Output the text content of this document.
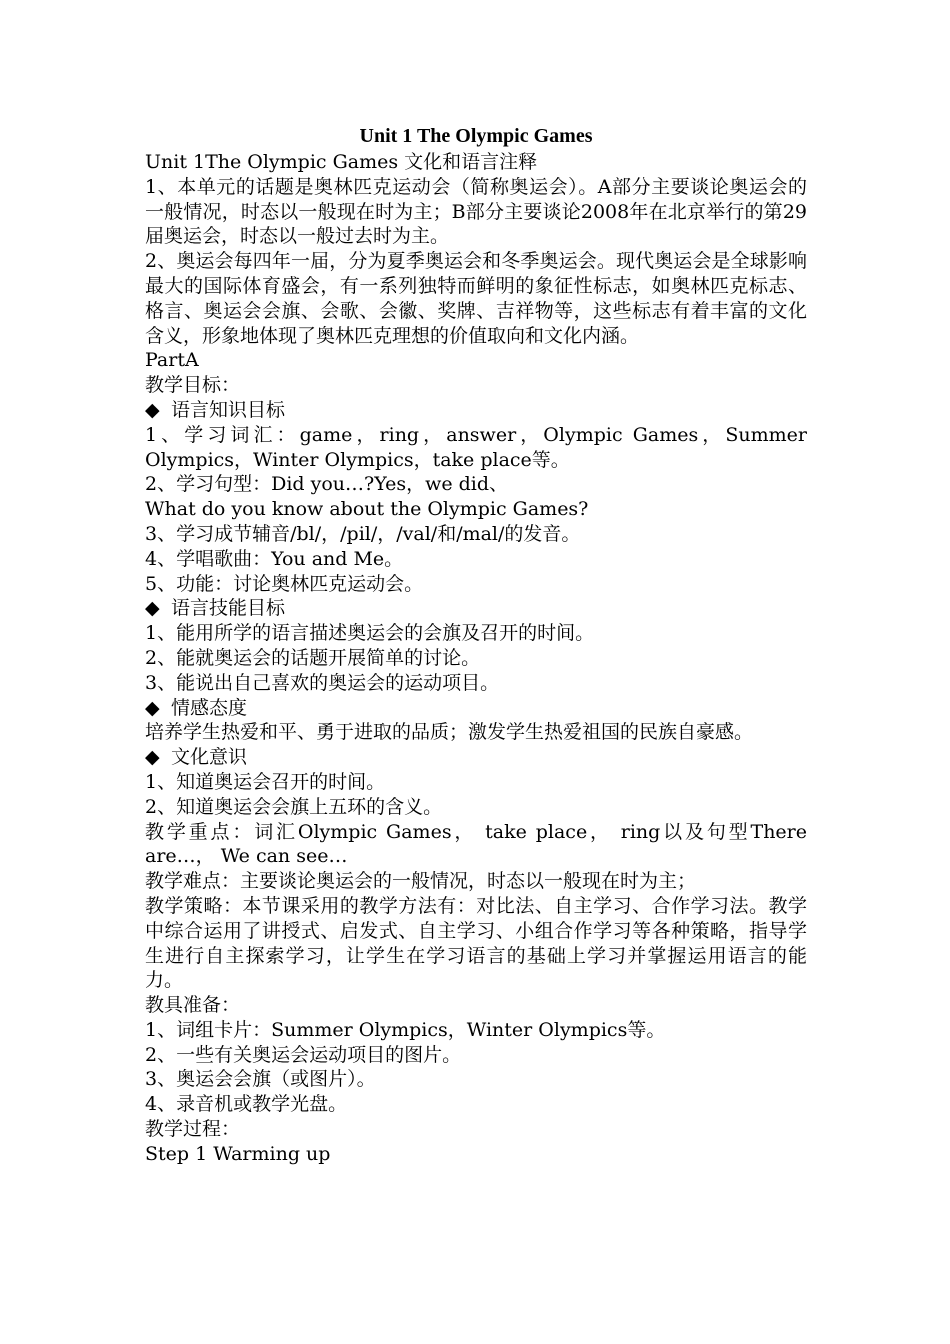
Unit 1 The Olympic Games

Unit 1The Olympic Games 文化和语言注释

1、本单元的话题是奥林匹克运动会（简称奥运会）。A部分主要谈论奥运会的一般情况，时态以一般现在时为主；B部分主要谈论2008年在北京举行的第29届奥运会，时态以一般过去时为主。

2、奥运会每四年一届，分为夏季奥运会和冬季奥运会。现代奥运会是全球影响最大的国际体育盛会，有一系列独特而鲜明的象征性标志，如奥林匹克标志、格言、奥运会会旗、会歌、会徽、奖牌、吉祥物等，这些标志有着丰富的文化含义，形象地体现了奥林匹克理想的价值取向和文化内涵。

PartA

教学目标：

◆ 语言知识目标

1、学习词汇：game，ring，answer，Olympic Games，Summer Olympics，Winter Olympics，take place等。

2、学习句型：Did you…?Yes，we did、

What do you know about the Olympic Games?

3、学习成节辅音/bl/，/pil/，/val/和/mal/的发音。

4、学唱歌曲：You and Me。

5、功能：讨论奥林匹克运动会。

◆ 语言技能目标

1、能用所学的语言描述奥运会的会旗及召开的时间。

2、能就奥运会的话题开展简单的讨论。

3、能说出自己喜欢的奥运会的运动项目。

◆ 情感态度

培养学生热爱和平、勇于进取的品质；激发学生热爱祖国的民族自豪感。

◆ 文化意识

1、知道奥运会召开的时间。

2、知道奥运会会旗上五环的含义。

教学重点：词汇Olympic Games， take place， ring以及句型There are…， We can see…

教学难点：主要谈论奥运会的一般情况，时态以一般现在时为主；

教学策略：本节课采用的教学方法有：对比法、自主学习、合作学习法。教学中综合运用了讲授式、启发式、自主学习、小组合作学习等各种策略，指导学生进行自主探索学习，让学生在学习语言的基础上学习并掌握运用语言的能力。

教具准备：

1、词组卡片：Summer Olympics，Winter Olympics等。

2、一些有关奥运会运动项目的图片。

3、奥运会会旗（或图片）。

4、录音机或教学光盘。

教学过程：

Step 1 Warming up
